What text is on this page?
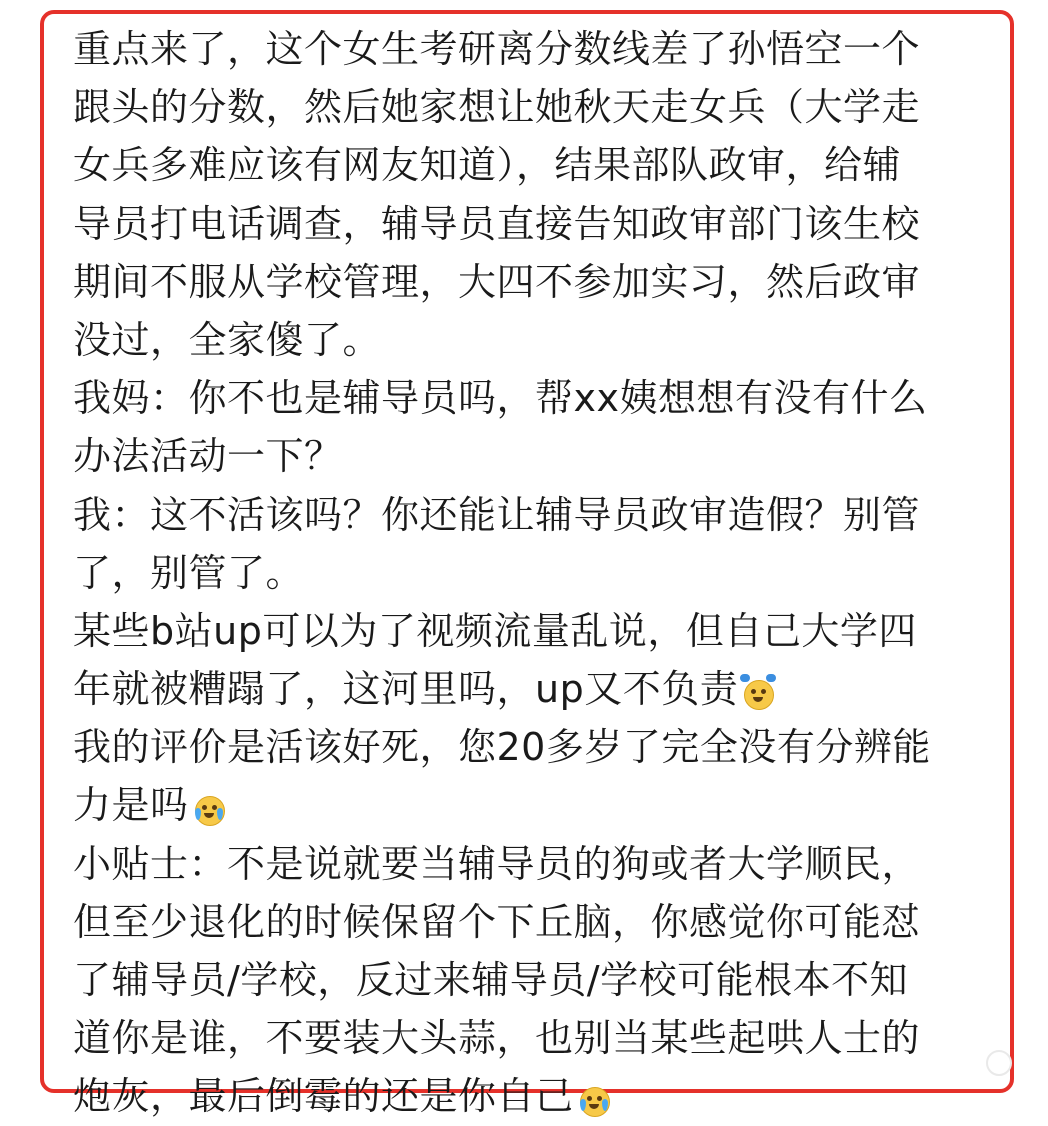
重点来了，这个女生考研离分数线差了孙悟空一个
跟头的分数，然后她家想让她秋天走女兵（大学走
女兵多难应该有网友知道），结果部队政审，给辅
导员打电话调查，辅导员直接告知政审部门该生校
期间不服从学校管理，大四不参加实习，然后政审
没过，全家傻了。
我妈：你不也是辅导员吗，帮xx姨想想有没有什么
办法活动一下？
我：这不活该吗？你还能让辅导员政审造假？别管
了，别管了。
某些b站up可以为了视频流量乱说，但自己大学四
年就被糟蹋了，这河里吗，up又不负责
我的评价是活该好死，您20多岁了完全没有分辨能
力是吗
小贴士：不是说就要当辅导员的狗或者大学顺民，
但至少退化的时候保留个下丘脑，你感觉你可能怼
了辅导员/学校，反过来辅导员/学校可能根本不知
道你是谁，不要装大头蒜，也别当某些起哄人士的
炮灰，最后倒霉的还是你自己
